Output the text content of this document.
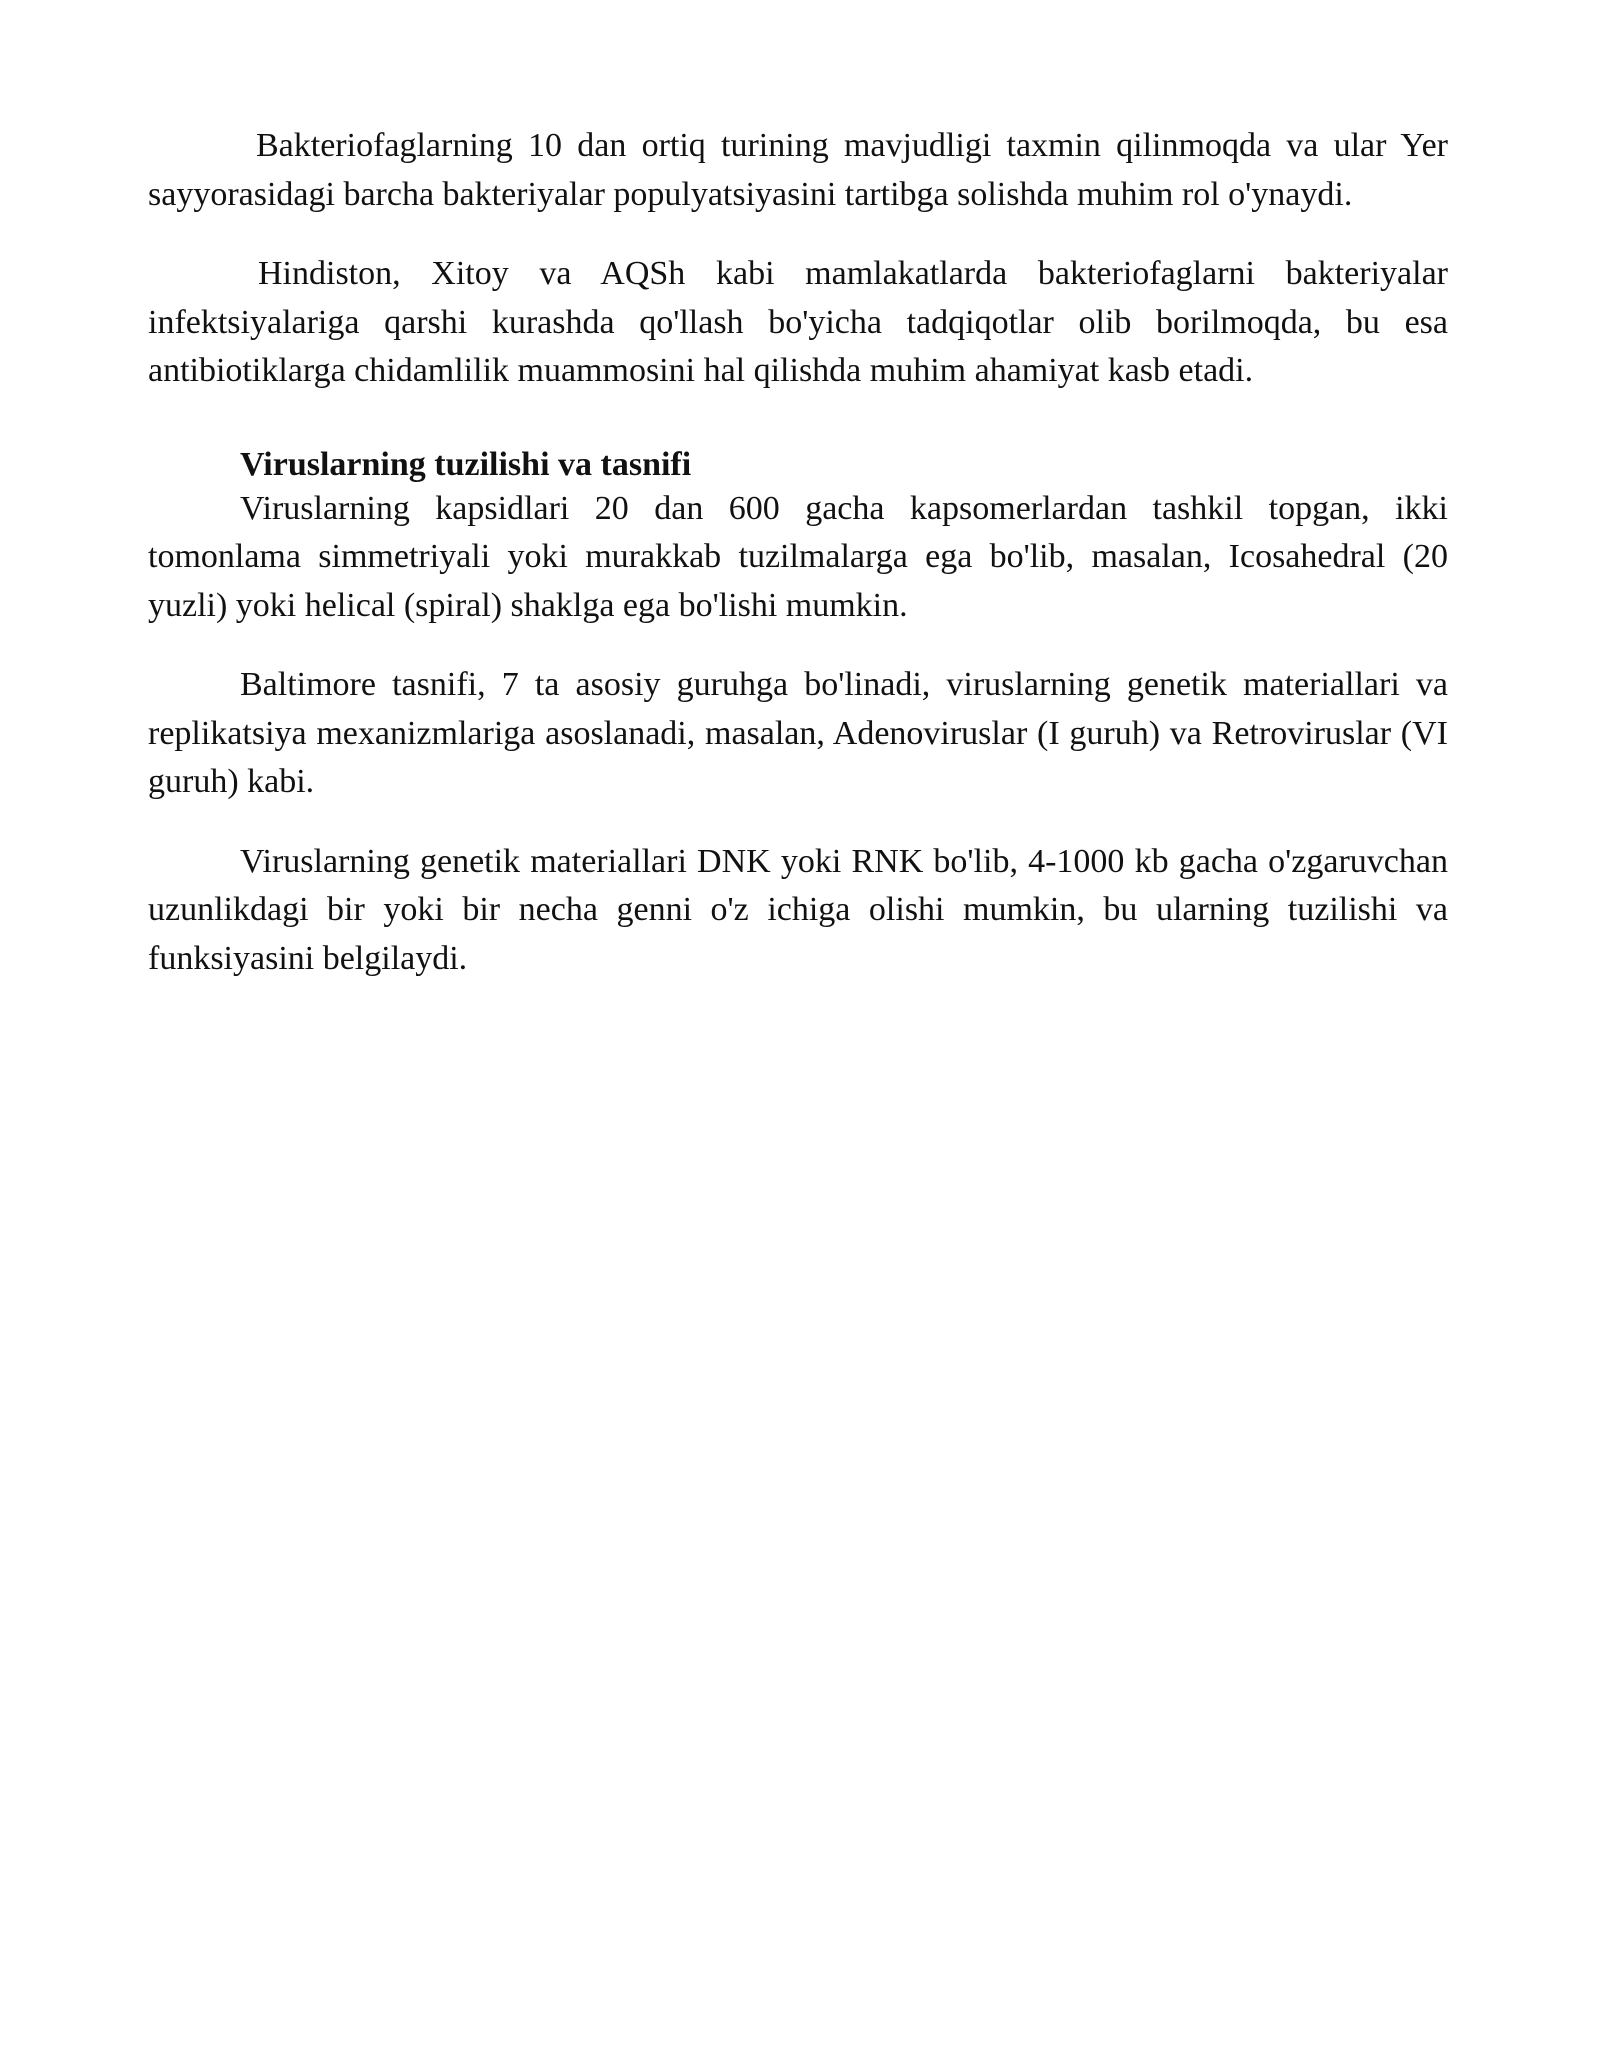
Bakteriofaglarning 10 dan ortiq turining mavjudligi taxmin qilinmoqda va ular Yer sayyorasidagi barcha bakteriyalar populyatsiyasini tartibga solishda muhim rol o'ynaydi.

Hindiston, Xitoy va AQSh kabi mamlakatlarda bakteriofaglarni bakteriyalar infektsiyalariga qarshi kurashda qo'llash bo'yicha tadqiqotlar olib borilmoqda, bu esa antibiotiklarga chidamlilik muammosini hal qilishda muhim ahamiyat kasb etadi.

Viruslarning tuzilishi va tasnifi

Viruslarning kapsidlari 20 dan 600 gacha kapsomerlardan tashkil topgan, ikki tomonlama simmetriyali yoki murakkab tuzilmalarga ega bo'lib, masalan, Icosahedral (20 yuzli) yoki helical (spiral) shaklga ega bo'lishi mumkin.

Baltimore tasnifi, 7 ta asosiy guruhga bo'linadi, viruslarning genetik materiallari va replikatsiya mexanizmlariga asoslanadi, masalan, Adenoviruslar (I guruh) va Retroviruslar (VI guruh) kabi.

Viruslarning genetik materiallari DNK yoki RNK bo'lib, 4-1000 kb gacha o'zgaruvchan uzunlikdagi bir yoki bir necha genni o'z ichiga olishi mumkin, bu ularning tuzilishi va funksiyasini belgilaydi.
